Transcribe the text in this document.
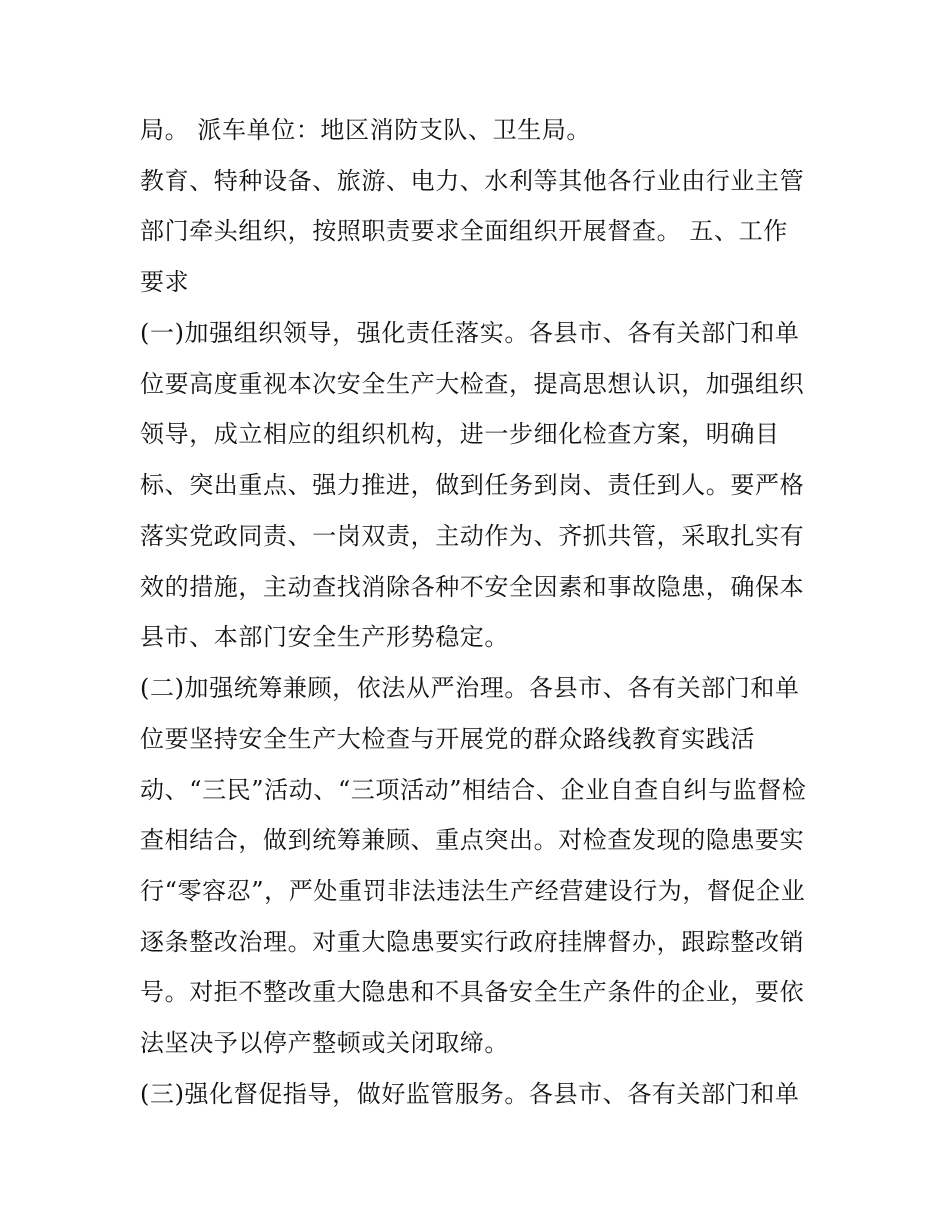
局。 派车单位：地区消防支队、卫生局。
教育、特种设备、旅游、电力、水利等其他各行业由行业主管
部门牵头组织，按照职责要求全面组织开展督查。 五、工作
要求
(一)加强组织领导，强化责任落实。各县市、各有关部门和单
位要高度重视本次安全生产大检查，提高思想认识，加强组织
领导，成立相应的组织机构，进一步细化检查方案，明确目
标、突出重点、强力推进，做到任务到岗、责任到人。要严格
落实党政同责、一岗双责，主动作为、齐抓共管，采取扎实有
效的措施，主动查找消除各种不安全因素和事故隐患，确保本
县市、本部门安全生产形势稳定。
(二)加强统筹兼顾，依法从严治理。各县市、各有关部门和单
位要坚持安全生产大检查与开展党的群众路线教育实践活
动、“三民”活动、“三项活动”相结合、企业自查自纠与监督检
查相结合，做到统筹兼顾、重点突出。对检查发现的隐患要实
行“零容忍”，严处重罚非法违法生产经营建设行为，督促企业
逐条整改治理。对重大隐患要实行政府挂牌督办，跟踪整改销
号。对拒不整改重大隐患和不具备安全生产条件的企业，要依
法坚决予以停产整顿或关闭取缔。
(三)强化督促指导，做好监管服务。各县市、各有关部门和单
